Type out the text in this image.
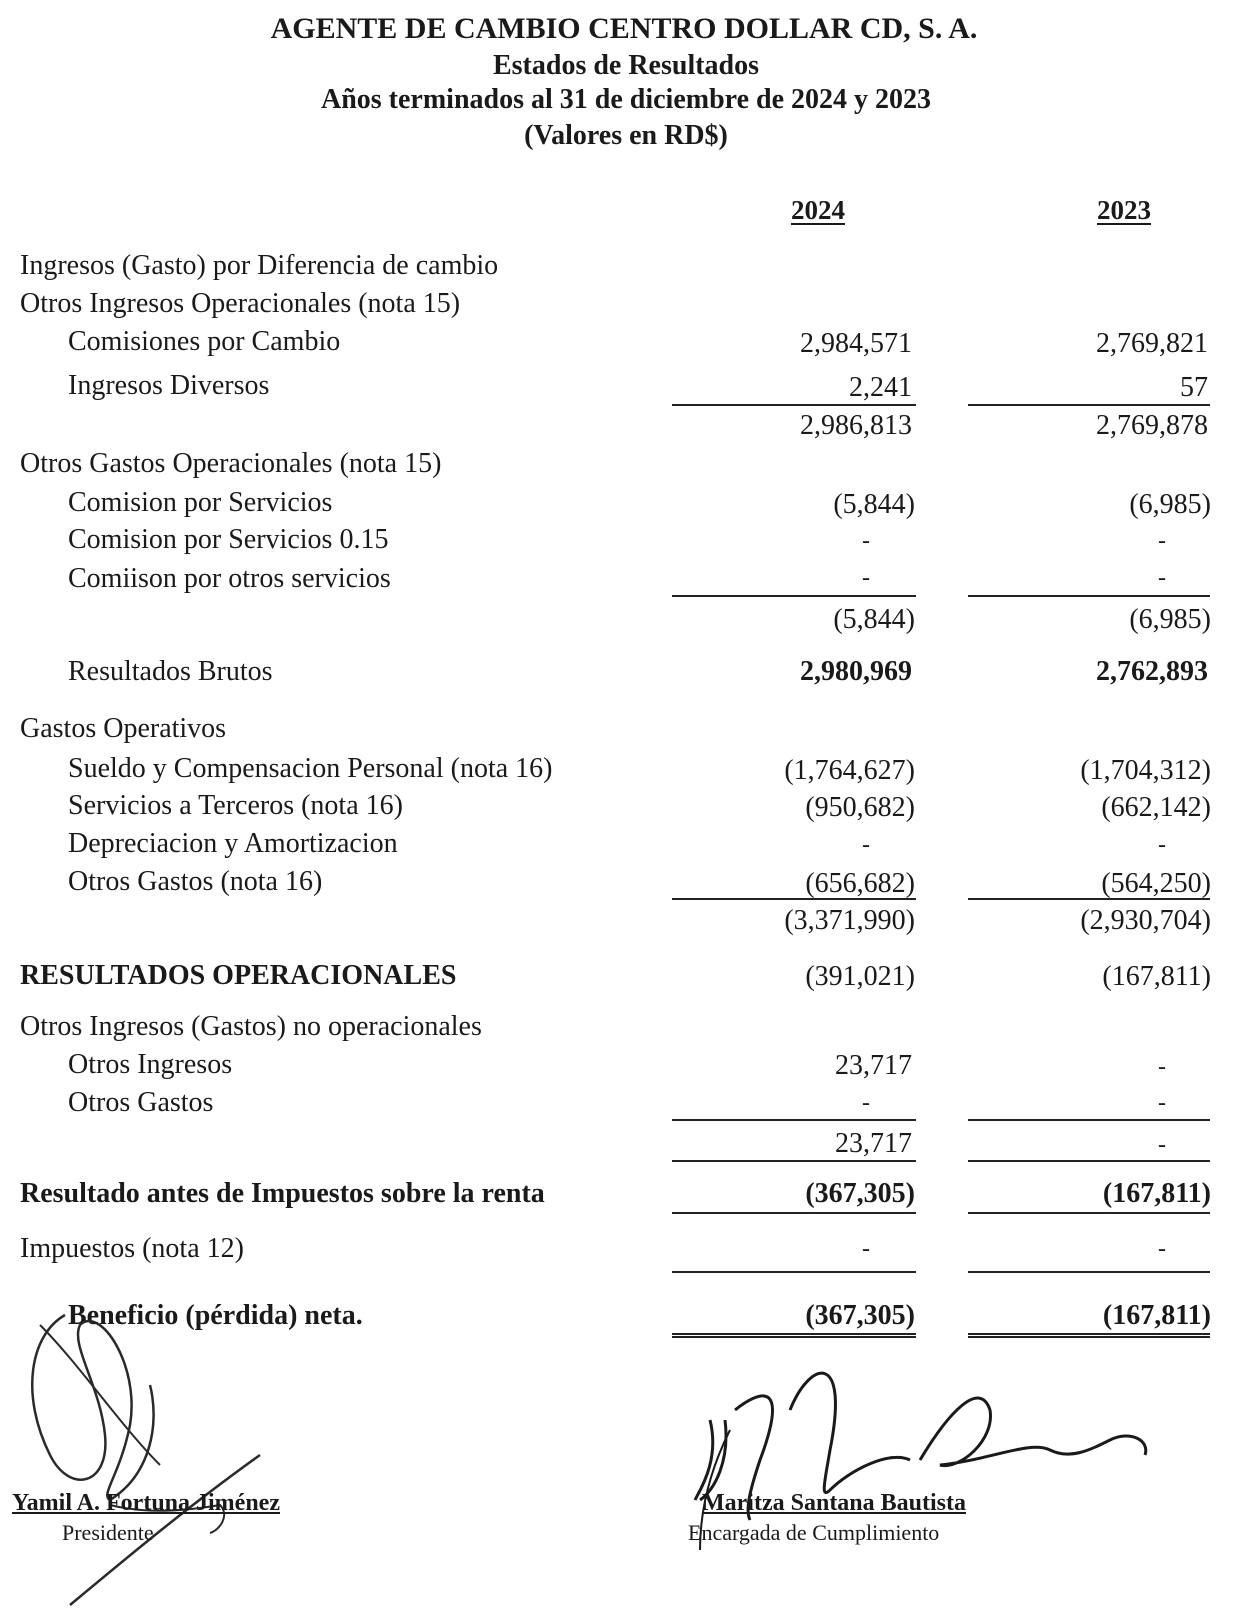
AGENTE DE CAMBIO CENTRO DOLLAR CD, S. A.
Estados de Resultados
Años terminados al 31 de diciembre de 2024 y 2023
(Valores en RD$)
2024	2023
Ingresos (Gasto) por Diferencia de cambio
Otros Ingresos Operacionales (nota 15)
Comisiones por Cambio	2,984,571	2,769,821
Ingresos Diversos	2,241	57
2,986,813	2,769,878
Otros Gastos Operacionales (nota 15)
Comision por Servicios	(5,844)	(6,985)
Comision por Servicios 0.15	-	-
Comiison por otros servicios	-	-
(5,844)	(6,985)
Resultados Brutos	2,980,969	2,762,893
Gastos Operativos
Sueldo y Compensacion Personal (nota 16)	(1,764,627)	(1,704,312)
Servicios a Terceros (nota 16)	(950,682)	(662,142)
Depreciacion y Amortizacion	-	-
Otros Gastos (nota 16)	(656,682)	(564,250)
(3,371,990)	(2,930,704)
RESULTADOS OPERACIONALES	(391,021)	(167,811)
Otros Ingresos (Gastos) no operacionales
Otros Ingresos	23,717	-
Otros Gastos	-	-
23,717	-
Resultado antes de Impuestos sobre la renta	(367,305)	(167,811)
Impuestos (nota 12)	-	-
Beneficio (pérdida) neta.	(367,305)	(167,811)
Yamil A. Fortuna Jiménez
Presidente
Maritza Santana Bautista
Encargada de Cumplimiento
